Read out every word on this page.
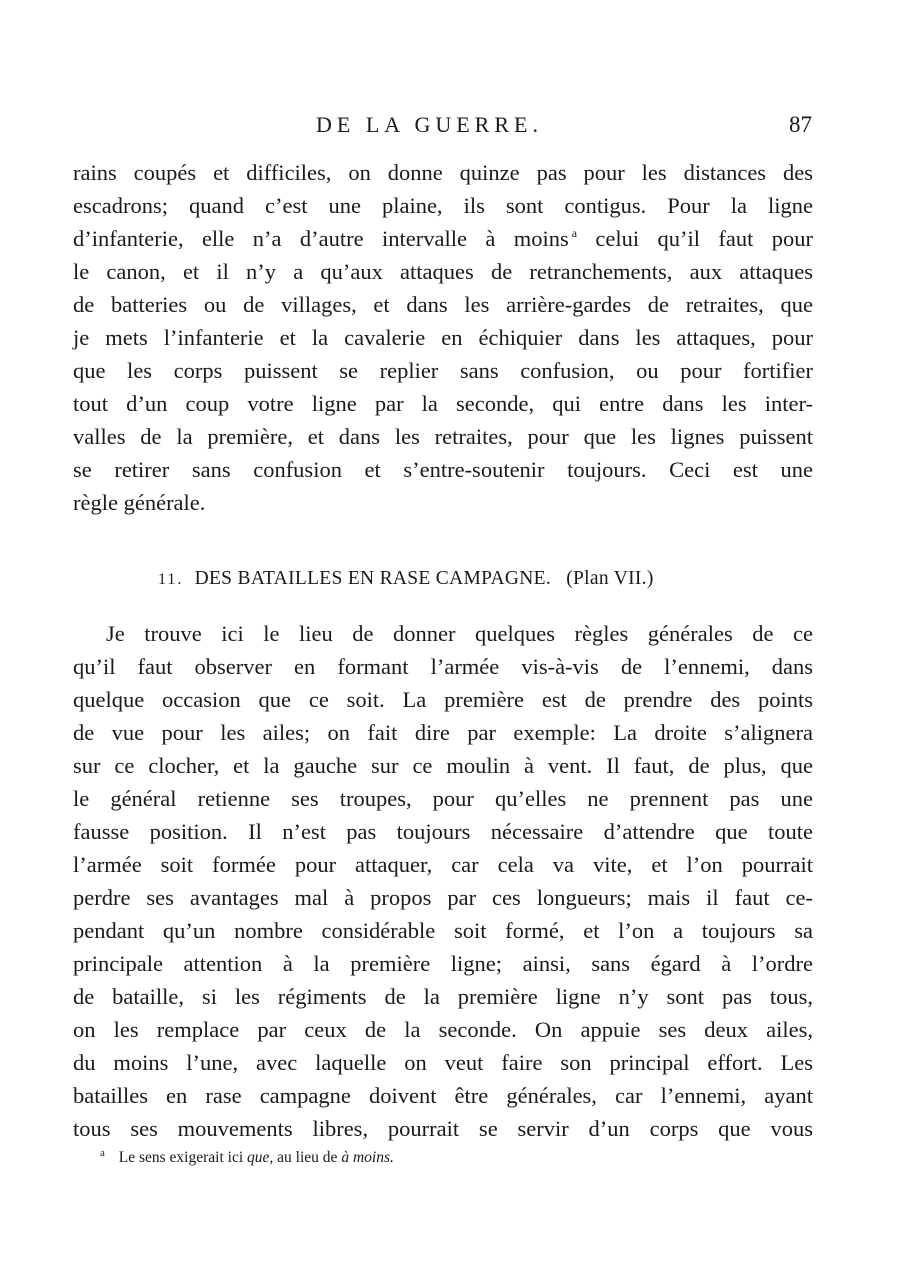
DE LA GUERRE.	87
rains coupés et difficiles, on donne quinze pas pour les distances des
escadrons; quand c’est une plaine, ils sont contigus. Pour la ligne
d’infanterie, elle n’a d’autre intervalle à moins $^a$ celui qu’il faut pour
le canon, et il n’y a qu’aux attaques de retranchements, aux attaques
de batteries ou de villages, et dans les arrière-gardes de retraites, que
je mets l’infanterie et la cavalerie en échiquier dans les attaques, pour
que les corps puissent se replier sans confusion, ou pour fortifier
tout d’un coup votre ligne par la seconde, qui entre dans les inter-
valles de la première, et dans les retraites, pour que les lignes puissent
se retirer sans confusion et s’entre-soutenir toujours. Ceci est une
règle générale.
11. DES BATAILLES EN RASE CAMPAGNE. (Plan VII.)
Je trouve ici le lieu de donner quelques règles générales de ce
qu’il faut observer en formant l’armée vis-à-vis de l’ennemi, dans
quelque occasion que ce soit. La première est de prendre des points
de vue pour les ailes; on fait dire par exemple: La droite s’alignera
sur ce clocher, et la gauche sur ce moulin à vent. Il faut, de plus, que
le général retienne ses troupes, pour qu’elles ne prennent pas une
fausse position. Il n’est pas toujours nécessaire d’attendre que toute
l’armée soit formée pour attaquer, car cela va vite, et l’on pourrait
perdre ses avantages mal à propos par ces longueurs; mais il faut ce-
pendant qu’un nombre considérable soit formé, et l’on a toujours sa
principale attention à la première ligne; ainsi, sans égard à l’ordre
de bataille, si les régiments de la première ligne n’y sont pas tous,
on les remplace par ceux de la seconde. On appuie ses deux ailes,
du moins l’une, avec laquelle on veut faire son principal effort. Les
batailles en rase campagne doivent être générales, car l’ennemi, ayant
tous ses mouvements libres, pourrait se servir d’un corps que vous
$^a$ Le sens exigerait ici que, au lieu de à moins.
